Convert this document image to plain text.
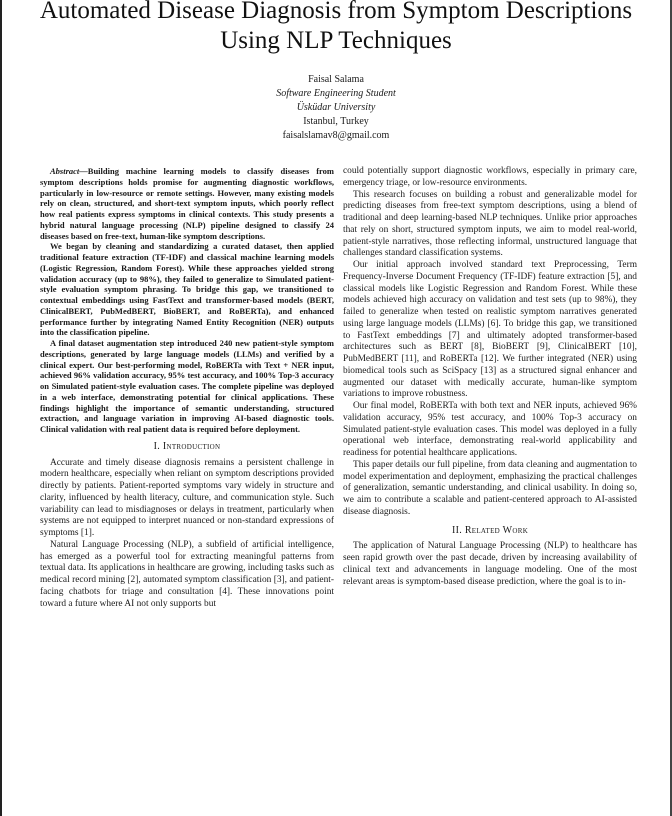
Automated Disease Diagnosis from Symptom Descriptions Using NLP Techniques
Faisal Salama
Software Engineering Student
Üsküdar University
Istanbul, Turkey
faisalslamav8@gmail.com

Abstract—Building machine learning models to classify diseases from symptom descriptions holds promise for augmenting diagnostic workflows, particularly in low-resource or remote settings. However, many existing models rely on clean, structured, and short-text symptom inputs, which poorly reflect how real patients express symptoms in clinical contexts. This study presents a hybrid natural language processing (NLP) pipeline designed to classify 24 diseases based on free-text, human-like symptom descriptions.

We began by cleaning and standardizing a curated dataset, then applied traditional feature extraction (TF-IDF) and classical machine learning models (Logistic Regression, Random Forest). While these approaches yielded strong validation accuracy (up to 98%), they failed to generalize to Simulated patient-style evaluation symptom phrasing. To bridge this gap, we transitioned to contextual embeddings using FastText and transformer-based models (BERT, ClinicalBERT, PubMedBERT, BioBERT, and RoBERTa), and enhanced performance further by integrating Named Entity Recognition (NER) outputs into the classification pipeline.

A final dataset augmentation step introduced 240 new patient-style symptom descriptions, generated by large language models (LLMs) and verified by a clinical expert. Our best-performing model, RoBERTa with Text + NER input, achieved 96% validation accuracy, 95% test accuracy, and 100% Top-3 accuracy on Simulated patient-style evaluation cases. The complete pipeline was deployed in a web interface, demonstrating potential for clinical applications. These findings highlight the importance of semantic understanding, structured extraction, and language variation in improving AI-based diagnostic tools. Clinical validation with real patient data is required before deployment.

I. Introduction

Accurate and timely disease diagnosis remains a persistent challenge in modern healthcare, especially when reliant on symptom descriptions provided directly by patients. Patient-reported symptoms vary widely in structure and clarity, influenced by health literacy, culture, and communication style. Such variability can lead to misdiagnoses or delays in treatment, particularly when systems are not equipped to interpret nuanced or non-standard expressions of symptoms [1].

Natural Language Processing (NLP), a subfield of artificial intelligence, has emerged as a powerful tool for extracting meaningful patterns from textual data. Its applications in healthcare are growing, including tasks such as medical record mining [2], automated symptom classification [3], and patient-facing chatbots for triage and consultation [4]. These innovations point toward a future where AI not only supports but

could potentially support diagnostic workflows, especially in primary care, emergency triage, or low-resource environments.

This research focuses on building a robust and generalizable model for predicting diseases from free-text symptom descriptions, using a blend of traditional and deep learning-based NLP techniques. Unlike prior approaches that rely on short, structured symptom inputs, we aim to model real-world, patient-style narratives, those reflecting informal, unstructured language that challenges standard classification systems.

Our initial approach involved standard text Preprocessing, Term Frequency-Inverse Document Frequency (TF-IDF) feature extraction [5], and classical models like Logistic Regression and Random Forest. While these models achieved high accuracy on validation and test sets (up to 98%), they failed to generalize when tested on realistic symptom narratives generated using large language models (LLMs) [6]. To bridge this gap, we transitioned to FastText embeddings [7] and ultimately adopted transformer-based architectures such as BERT [8], BioBERT [9], ClinicalBERT [10], PubMedBERT [11], and RoBERTa [12]. We further integrated (NER) using biomedical tools such as SciSpacy [13] as a structured signal enhancer and augmented our dataset with medically accurate, human-like symptom variations to improve robustness.

Our final model, RoBERTa with both text and NER inputs, achieved 96% validation accuracy, 95% test accuracy, and 100% Top-3 accuracy on Simulated patient-style evaluation cases. This model was deployed in a fully operational web interface, demonstrating real-world applicability and readiness for potential healthcare applications.

This paper details our full pipeline, from data cleaning and augmentation to model experimentation and deployment, emphasizing the practical challenges of generalization, semantic understanding, and clinical usability. In doing so, we aim to contribute a scalable and patient-centered approach to AI-assisted disease diagnosis.

II. Related Work

The application of Natural Language Processing (NLP) to healthcare has seen rapid growth over the past decade, driven by increasing availability of clinical text and advancements in language modeling. One of the most relevant areas is symptom-based disease prediction, where the goal is to in-
